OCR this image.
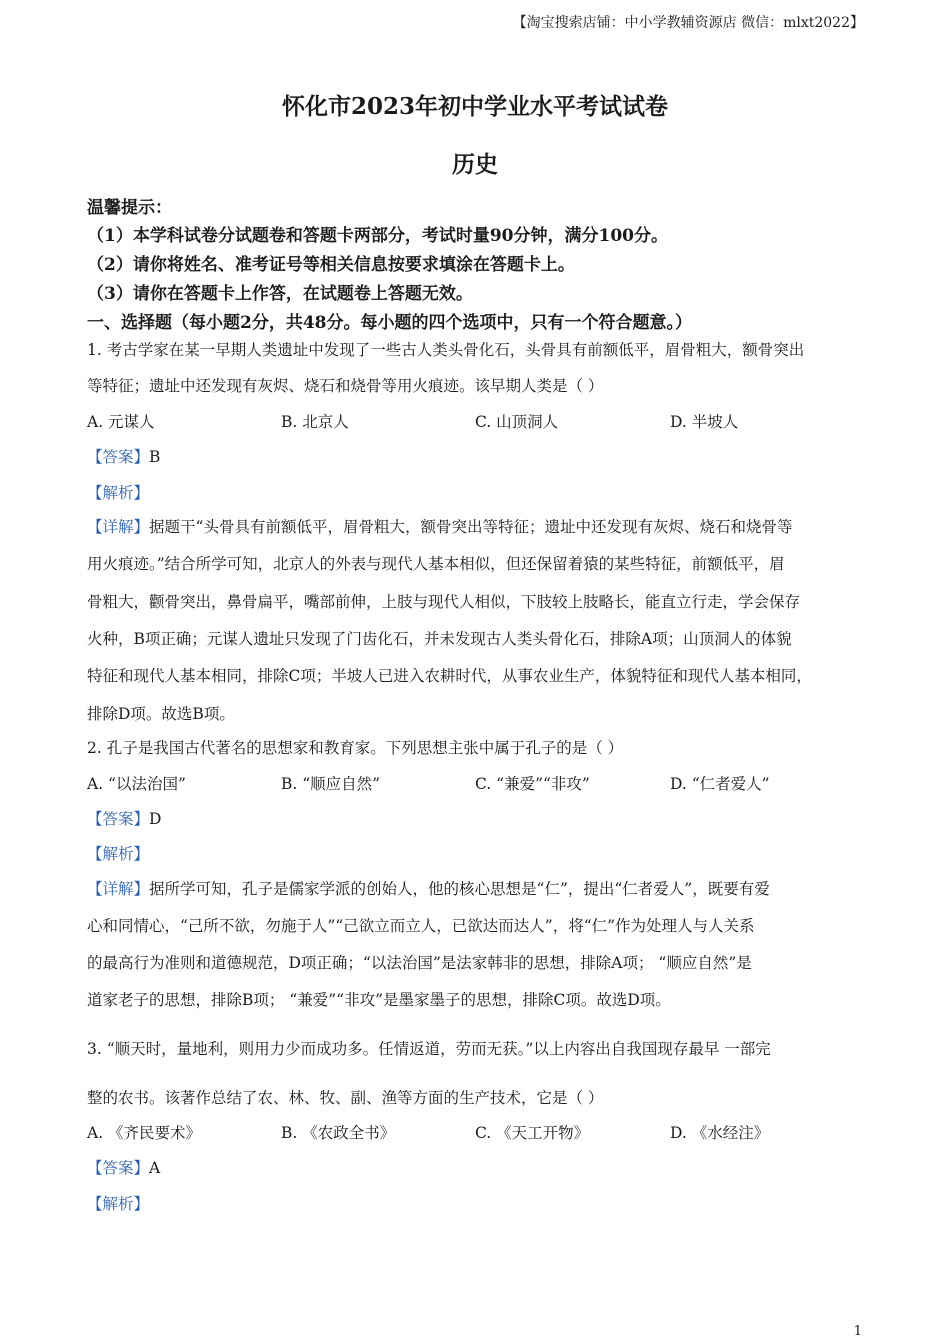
【淘宝搜索店铺：中小学教辅资源店 微信：mlxt2022】
怀化市2023年初中学业水平考试试卷
历史
温馨提示：
（1）本学科试卷分试题卷和答题卡两部分，考试时量90分钟，满分100分。
（2）请你将姓名、准考证号等相关信息按要求填涂在答题卡上。
（3）请你在答题卡上作答，在试题卷上答题无效。
一、选择题（每小题2分，共48分。每小题的四个选项中，只有一个符合题意。）
1. 考古学家在某一早期人类遗址中发现了一些古人类头骨化石，头骨具有前额低平，眉骨粗大，额骨突出
等特征；遗址中还发现有灰烬、烧石和烧骨等用火痕迹。该早期人类是（ ）
A. 元谋人	B. 北京人	C. 山顶洞人	D. 半坡人
【答案】B
【解析】
【详解】据题干“头骨具有前额低平，眉骨粗大，额骨突出等特征；遗址中还发现有灰烬、烧石和烧骨等
用火痕迹。”结合所学可知，北京人的外表与现代人基本相似，但还保留着猿的某些特征，前额低平，眉
骨粗大，颧骨突出，鼻骨扁平，嘴部前伸，上肢与现代人相似，下肢较上肢略长，能直立行走，学会保存
火种，B项正确；元谋人遗址只发现了门齿化石，并未发现古人类头骨化石，排除A项；山顶洞人的体貌
特征和现代人基本相同，排除C项；半坡人已进入农耕时代，从事农业生产，体貌特征和现代人基本相同，
排除D项。故选B项。
2. 孔子是我国古代著名的思想家和教育家。下列思想主张中属于孔子的是（ ）
A. “以法治国”	B. “顺应自然”	C. “兼爱”“非攻”	D. “仁者爱人”
【答案】D
【解析】
【详解】据所学可知，孔子是儒家学派的创始人，他的核心思想是“仁”，提出“仁者爱人”，既要有爱
心和同情心，“己所不欲，勿施于人”“己欲立而立人，已欲达而达人”，将“仁”作为处理人与人关系
的最高行为准则和道德规范，D项正确；“以法治国”是法家韩非的思想，排除A项； “顺应自然”是
道家老子的思想，排除B项； “兼爱”“非攻”是墨家墨子的思想，排除C项。故选D项。
3. “顺天时，量地利，则用力少而成功多。任情返道，劳而无获。”以上内容出自我国现存最早 一部完
整的农书。该著作总结了农、林、牧、副、渔等方面的生产技术，它是（ ）
A. 《齐民要术》	B. 《农政全书》	C. 《天工开物》	D. 《水经注》
【答案】A
【解析】
1
